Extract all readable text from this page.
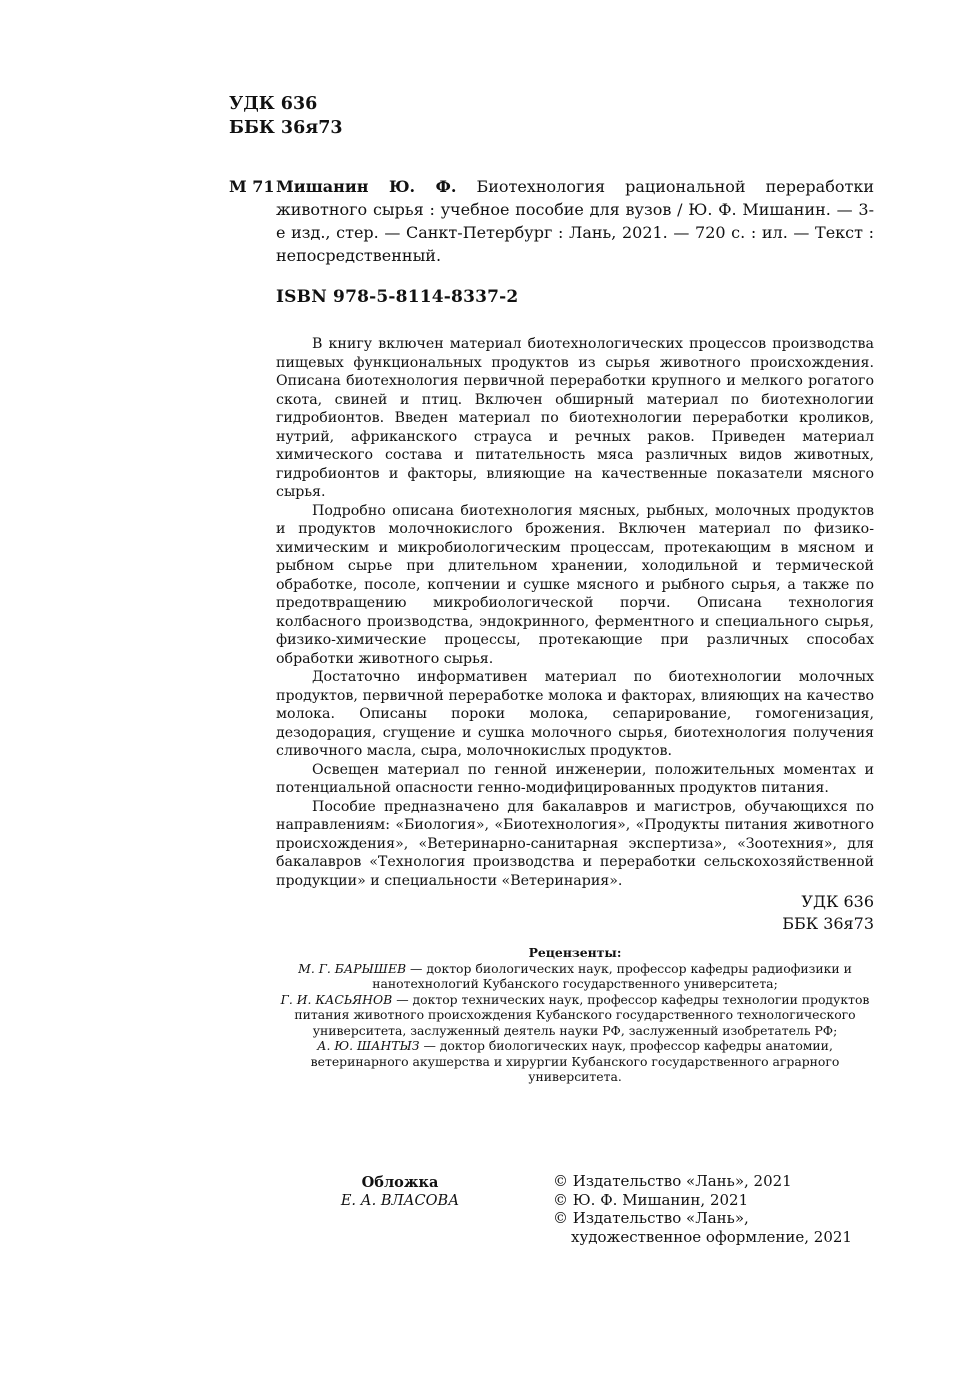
УДК 636
ББК 36я73
М 71 Мишанин Ю. Ф. Биотехнология рациональной переработки животного сырья : учебное пособие для вузов / Ю. Ф. Мишанин. — 3-е изд., стер. — Санкт-Петербург : Лань, 2021. — 720 с. : ил. — Текст : непосредственный.
ISBN 978-5-8114-8337-2

В книгу включен материал биотехнологических процессов производства пищевых функциональных продуктов из сырья животного происхождения. Описана биотехнология первичной переработки крупного и мелкого рогатого скота, свиней и птиц. Включен обширный материал по биотехнологии гидробионтов. Введен материал по биотехнологии переработки кроликов, нутрий, африканского страуса и речных раков. Приведен материал химического состава и питательность мяса различных видов животных, гидробионтов и факторы, влияющие на качественные показатели мясного сырья.

Подробно описана биотехнология мясных, рыбных, молочных продуктов и продуктов молочнокислого брожения. Включен материал по физико-химическим и микробиологическим процессам, протекающим в мясном и рыбном сырье при длительном хранении, холодильной и термической обработке, посоле, копчении и сушке мясного и рыбного сырья, а также по предотвращению микробиологической порчи. Описана технология колбасного производства, эндокринного, ферментного и специального сырья, физико-химические процессы, протекающие при различных способах обработки животного сырья.

Достаточно информативен материал по биотехнологии молочных продуктов, первичной переработке молока и факторах, влияющих на качество молока. Описаны пороки молока, сепарирование, гомогенизация, дезодорация, сгущение и сушка молочного сырья, биотехнология получения сливочного масла, сыра, молочнокислых продуктов.

Освещен материал по генной инженерии, положительных моментах и потенциальной опасности генно-модифицированных продуктов питания.

Пособие предназначено для бакалавров и магистров, обучающихся по направлениям: «Биология», «Биотехнология», «Продукты питания животного происхождения», «Ветеринарно-санитарная экспертиза», «Зоотехния», для бакалавров «Технология производства и переработки сельскохозяйственной продукции» и специальности «Ветеринария».

УДК 636
ББК 36я73
Рецензенты:

М. Г. БАРЫШЕВ — доктор биологических наук, профессор кафедры радиофизики и нанотехнологий Кубанского государственного университета;

Г. И. КАСЬЯНОВ — доктор технических наук, профессор кафедры технологии продуктов питания животного происхождения Кубанского государственного технологического университета, заслуженный деятель науки РФ, заслуженный изобретатель РФ;

А. Ю. ШАНТЫЗ — доктор биологических наук, профессор кафедры анатомии, ветеринарного акушерства и хирургии Кубанского государственного аграрного университета.

Обложка
Е. А. ВЛАСОВА
© Издательство «Лань», 2021
© Ю. Ф. Мишанин, 2021
© Издательство «Лань»,
художественное оформление, 2021
